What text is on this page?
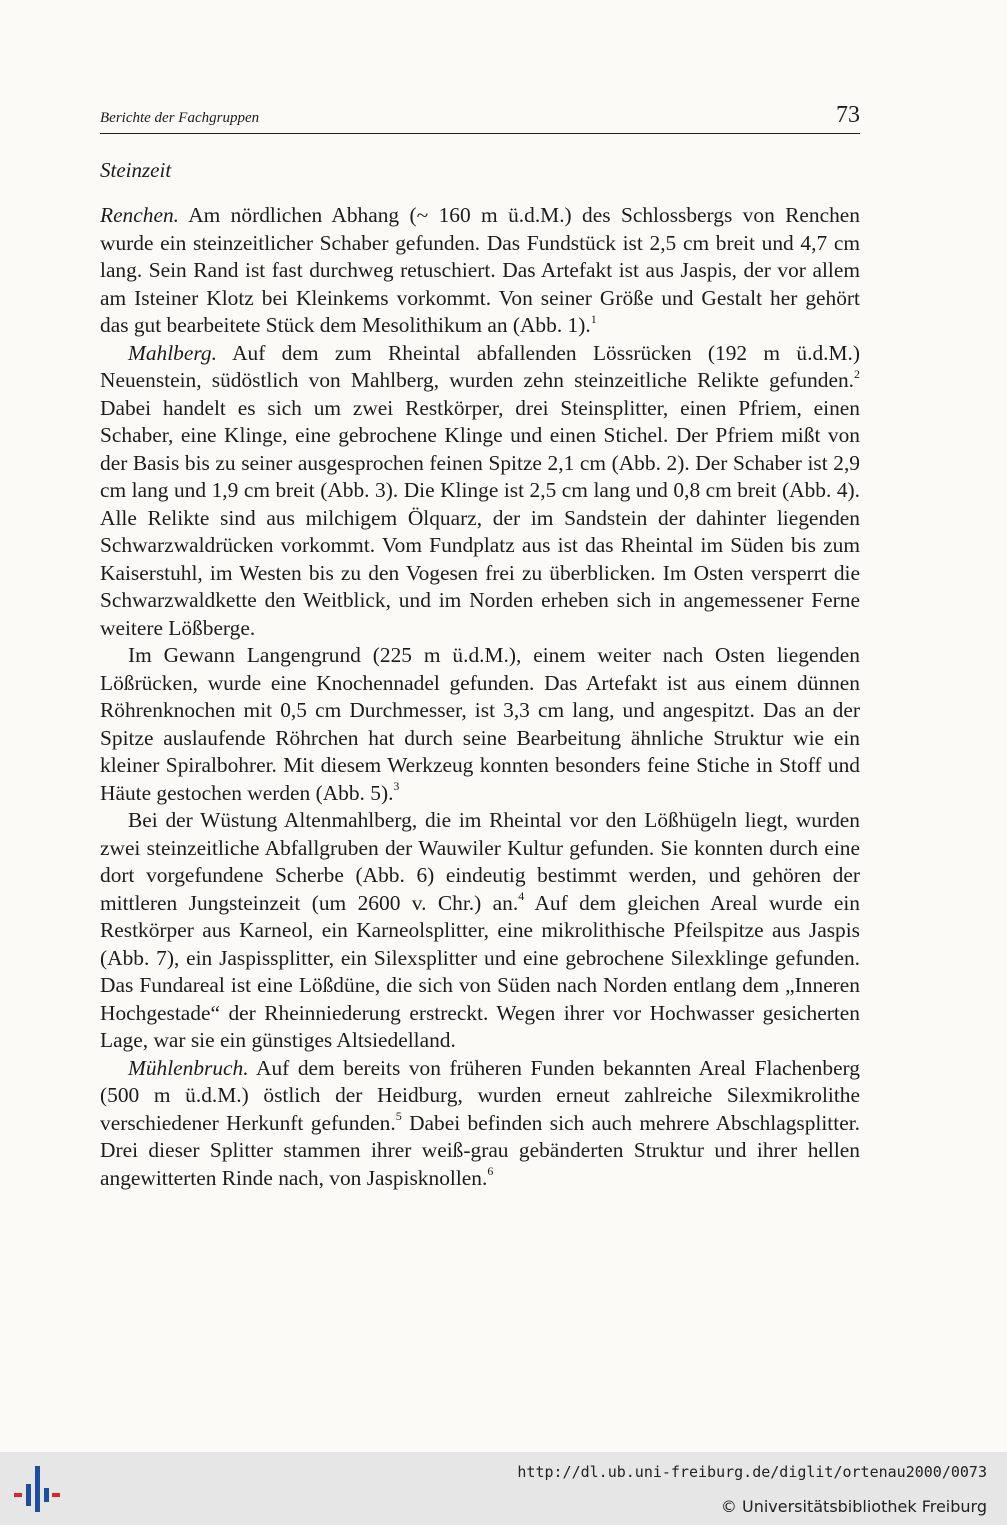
Berichte der Fachgruppen	73
Steinzeit

Renchen. Am nördlichen Abhang (~ 160 m ü.d.M.) des Schlossbergs von Renchen wurde ein steinzeitlicher Schaber gefunden. Das Fundstück ist 2,5 cm breit und 4,7 cm lang. Sein Rand ist fast durchweg retuschiert. Das Artefakt ist aus Jaspis, der vor allem am Isteiner Klotz bei Kleinkems vorkommt. Von seiner Größe und Gestalt her gehört das gut bearbeitete Stück dem Mesolithikum an (Abb. 1).$^1$

Mahlberg. Auf dem zum Rheintal abfallenden Lössrücken (192 m ü.d.M.) Neuenstein, südöstlich von Mahlberg, wurden zehn steinzeitliche Relikte gefunden.$^2$ Dabei handelt es sich um zwei Restkörper, drei Steinsplitter, einen Pfriem, einen Schaber, eine Klinge, eine gebrochene Klinge und einen Stichel. Der Pfriem mißt von der Basis bis zu seiner ausgesprochen feinen Spitze 2,1 cm (Abb. 2). Der Schaber ist 2,9 cm lang und 1,9 cm breit (Abb. 3). Die Klinge ist 2,5 cm lang und 0,8 cm breit (Abb. 4). Alle Relikte sind aus milchigem Ölquarz, der im Sandstein der dahinter liegenden Schwarzwaldrücken vorkommt. Vom Fundplatz aus ist das Rheintal im Süden bis zum Kaiserstuhl, im Westen bis zu den Vogesen frei zu überblicken. Im Osten versperrt die Schwarzwaldkette den Weitblick, und im Norden erheben sich in angemessener Ferne weitere Lößberge.

Im Gewann Langengrund (225 m ü.d.M.), einem weiter nach Osten liegenden Lößrücken, wurde eine Knochennadel gefunden. Das Artefakt ist aus einem dünnen Röhrenknochen mit 0,5 cm Durchmesser, ist 3,3 cm lang, und angespitzt. Das an der Spitze auslaufende Röhrchen hat durch seine Bearbeitung ähnliche Struktur wie ein kleiner Spiralbohrer. Mit diesem Werkzeug konnten besonders feine Stiche in Stoff und Häute gestochen werden (Abb. 5).$^3$

Bei der Wüstung Altenmahlberg, die im Rheintal vor den Lößhügeln liegt, wurden zwei steinzeitliche Abfallgruben der Wauwiler Kultur gefunden. Sie konnten durch eine dort vorgefundene Scherbe (Abb. 6) eindeutig bestimmt werden, und gehören der mittleren Jungsteinzeit (um 2600 v. Chr.) an.$^4$ Auf dem gleichen Areal wurde ein Restkörper aus Karneol, ein Karneolsplitter, eine mikrolithische Pfeilspitze aus Jaspis (Abb. 7), ein Jaspissplitter, ein Silexsplitter und eine gebrochene Silexklinge gefunden. Das Fundareal ist eine Lößdüne, die sich von Süden nach Norden entlang dem „Inneren Hochgestade“ der Rheinniederung erstreckt. Wegen ihrer vor Hochwasser gesicherten Lage, war sie ein günstiges Altsiedelland.

Mühlenbruch. Auf dem bereits von früheren Funden bekannten Areal Flachenberg (500 m ü.d.M.) östlich der Heidburg, wurden erneut zahlreiche Silexmikrolithe verschiedener Herkunft gefunden.$^5$ Dabei befinden sich auch mehrere Abschlagsplitter. Drei dieser Splitter stammen ihrer weiß-grau gebänderten Struktur und ihrer hellen angewitterten Rinde nach, von Jaspisknollen.$^6$

http://dl.ub.uni-freiburg.de/diglit/ortenau2000/0073
© Universitätsbibliothek Freiburg
